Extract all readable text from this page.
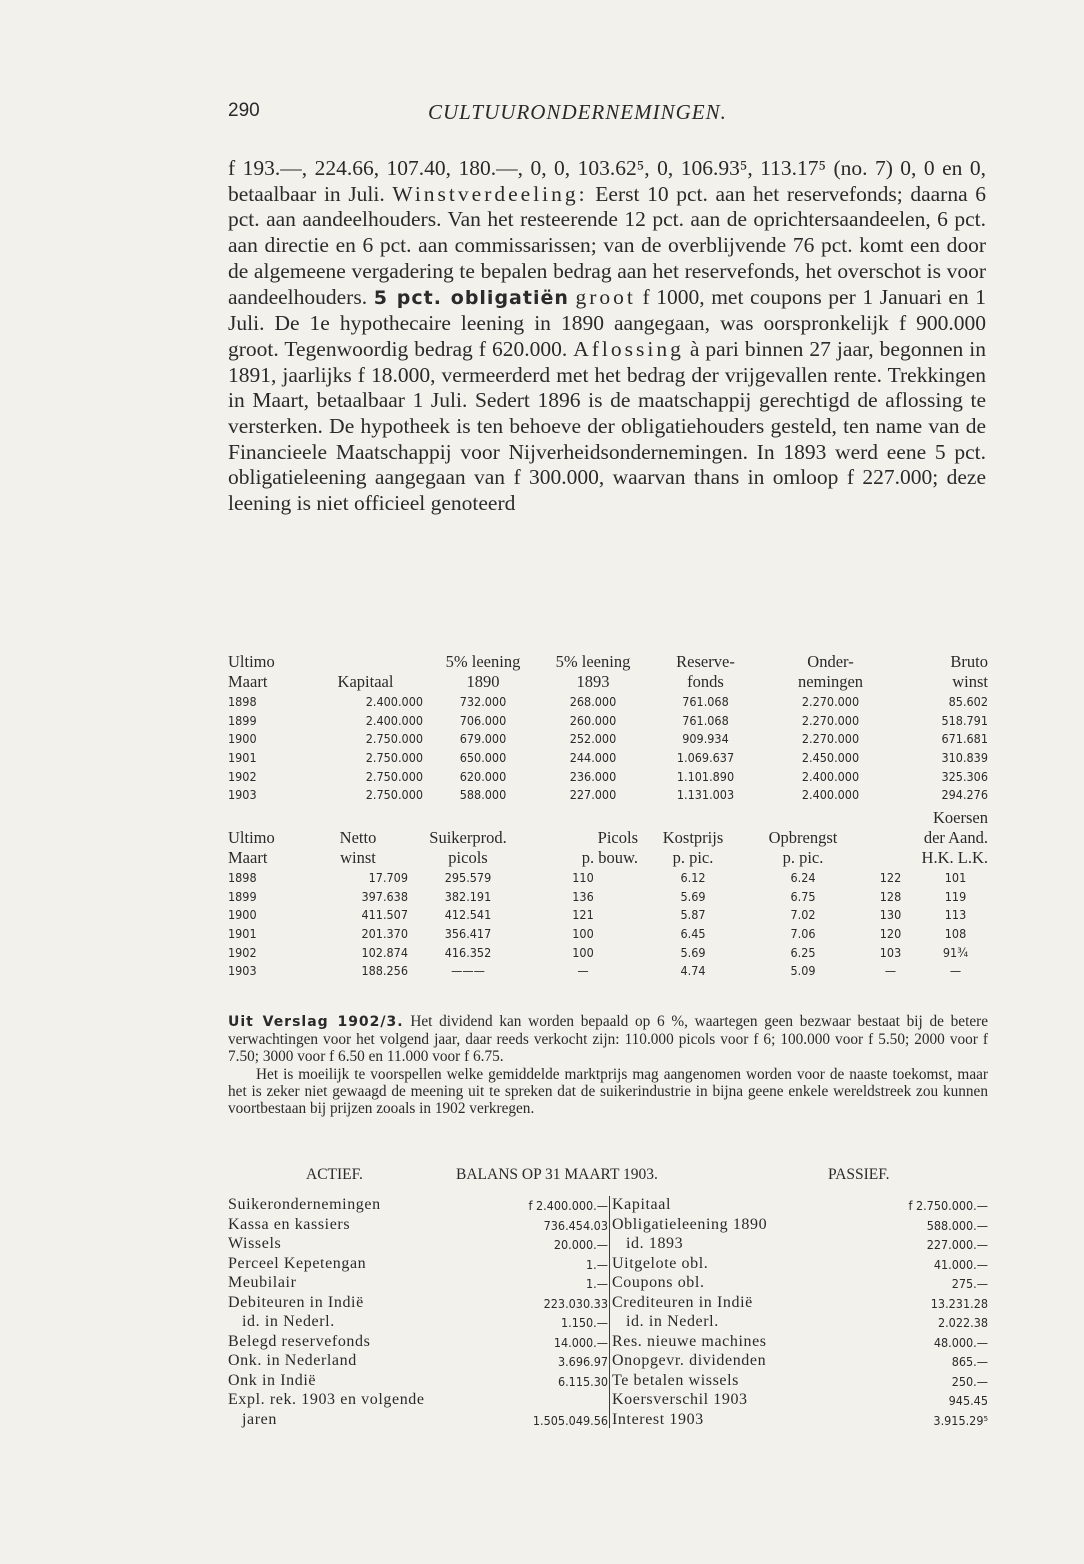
290	CULTUURONDERNEMINGEN.

f 193.—, 224.66, 107.40, 180.—, 0, 0, 103.62⁵, 0, 106.93⁵, 113.17⁵ (no. 7) 0, 0 en 0, betaalbaar in Juli. Winstverdeeling: Eerst 10 pct. aan het reservefonds; daarna 6 pct. aan aandeelhouders. Van het resteerende 12 pct. aan de oprichtersaandeelen, 6 pct. aan directie en 6 pct. aan commissarissen; van de overblijvende 76 pct. komt een door de algemeene vergadering te bepalen bedrag aan het reservefonds, het overschot is voor aandeelhouders. 5 pct. obligatiën groot f 1000, met coupons per 1 Januari en 1 Juli. De 1e hypothecaire leening in 1890 aangegaan, was oorspronkelijk f 900.000 groot. Tegenwoordig bedrag f 620.000. Aflossing à pari binnen 27 jaar, begonnen in 1891, jaarlijks f 18.000, vermeerderd met het bedrag der vrijgevallen rente. Trekkingen in Maart, betaalbaar 1 Juli. Sedert 1896 is de maatschappij gerechtigd de aflossing te versterken. De hypotheek is ten behoeve der obligatiehouders gesteld, ten name van de Financieele Maatschappij voor Nijverheidsondernemingen. In 1893 werd eene 5 pct. obligatieleening aangegaan van f 300.000, waarvan thans in omloop f 227.000; deze leening is niet officieel genoteerd

Ultimo		5% leening	5% leening	Reserve-	Onder-	Bruto
Maart	Kapitaal	1890	1893	fonds	nemingen	winst
1898	2.400.000	732.000	268.000	761.068	2.270.000	85.602
1899	2.400.000	706.000	260.000	761.068	2.270.000	518.791
1900	2.750.000	679.000	252.000	909.934	2.270.000	671.681
1901	2.750.000	650.000	244.000	1.069.637	2.450.000	310.839
1902	2.750.000	620.000	236.000	1.101.890	2.400.000	325.306
1903	2.750.000	588.000	227.000	1.131.003	2.400.000	294.276
						Koersen	
Ultimo	Netto	Suikerprod.	Picols	Kostprijs	Opbrengst	der Aand.	
Maart	winst	picols	p. bouw.	p. pic.	p. pic.	H.K. L.K.	
1898	17.709	295.579	110	6.12	6.24	122	101
1899	397.638	382.191	136	5.69	6.75	128	119
1900	411.507	412.541	121	5.87	7.02	130	113
1901	201.370	356.417	100	6.45	7.06	120	108
1902	102.874	416.352	100	5.69	6.25	103	91¾
1903	188.256	———	—	4.74	5.09	—	—

Uit Verslag 1902/3. Het dividend kan worden bepaald op 6 %, waartegen geen bezwaar bestaat bij de betere verwachtingen voor het volgend jaar, daar reeds verkocht zijn: 110.000 picols voor f 6; 100.000 voor f 5.50; 2000 voor f 7.50; 3000 voor f 6.50 en 11.000 voor f 6.75.

Het is moeilijk te voorspellen welke gemiddelde marktprijs mag aangenomen worden voor de naaste toekomst, maar het is zeker niet gewaagd de meening uit te spreken dat de suikerindustrie in bijna geene enkele wereldstreek zou kunnen voortbestaan bij prijzen zooals in 1902 verkregen.

ACTIEF.	BALANS OP 31 MAART 1903.	PASSIEF.
Suikerondernemingen	f 2.400.000.—
Kassa en kassiers	736.454.03
Wissels	20.000.—
Perceel Kepetengan	1.—
Meubilair	1.—
Debiteuren in Indië	223.030.33
id. in Nederl.	1.150.—
Belegd reservefonds	14.000.—
Onk. in Nederland	3.696.97
Onk in Indië	6.115.30
Expl. rek. 1903 en volgende
jaren	1.505.049.56
Kapitaal	f 2.750.000.—
Obligatieleening 1890	588.000.—
id. 1893	227.000.—
Uitgelote obl.	41.000.—
Coupons obl.	275.—
Crediteuren in Indië	13.231.28
id. in Nederl.	2.022.38
Res. nieuwe machines	48.000.—
Onopgevr. dividenden	865.—
Te betalen wissels	250.—
Koersverschil 1903	945.45
Interest 1903	3.915.29⁵
